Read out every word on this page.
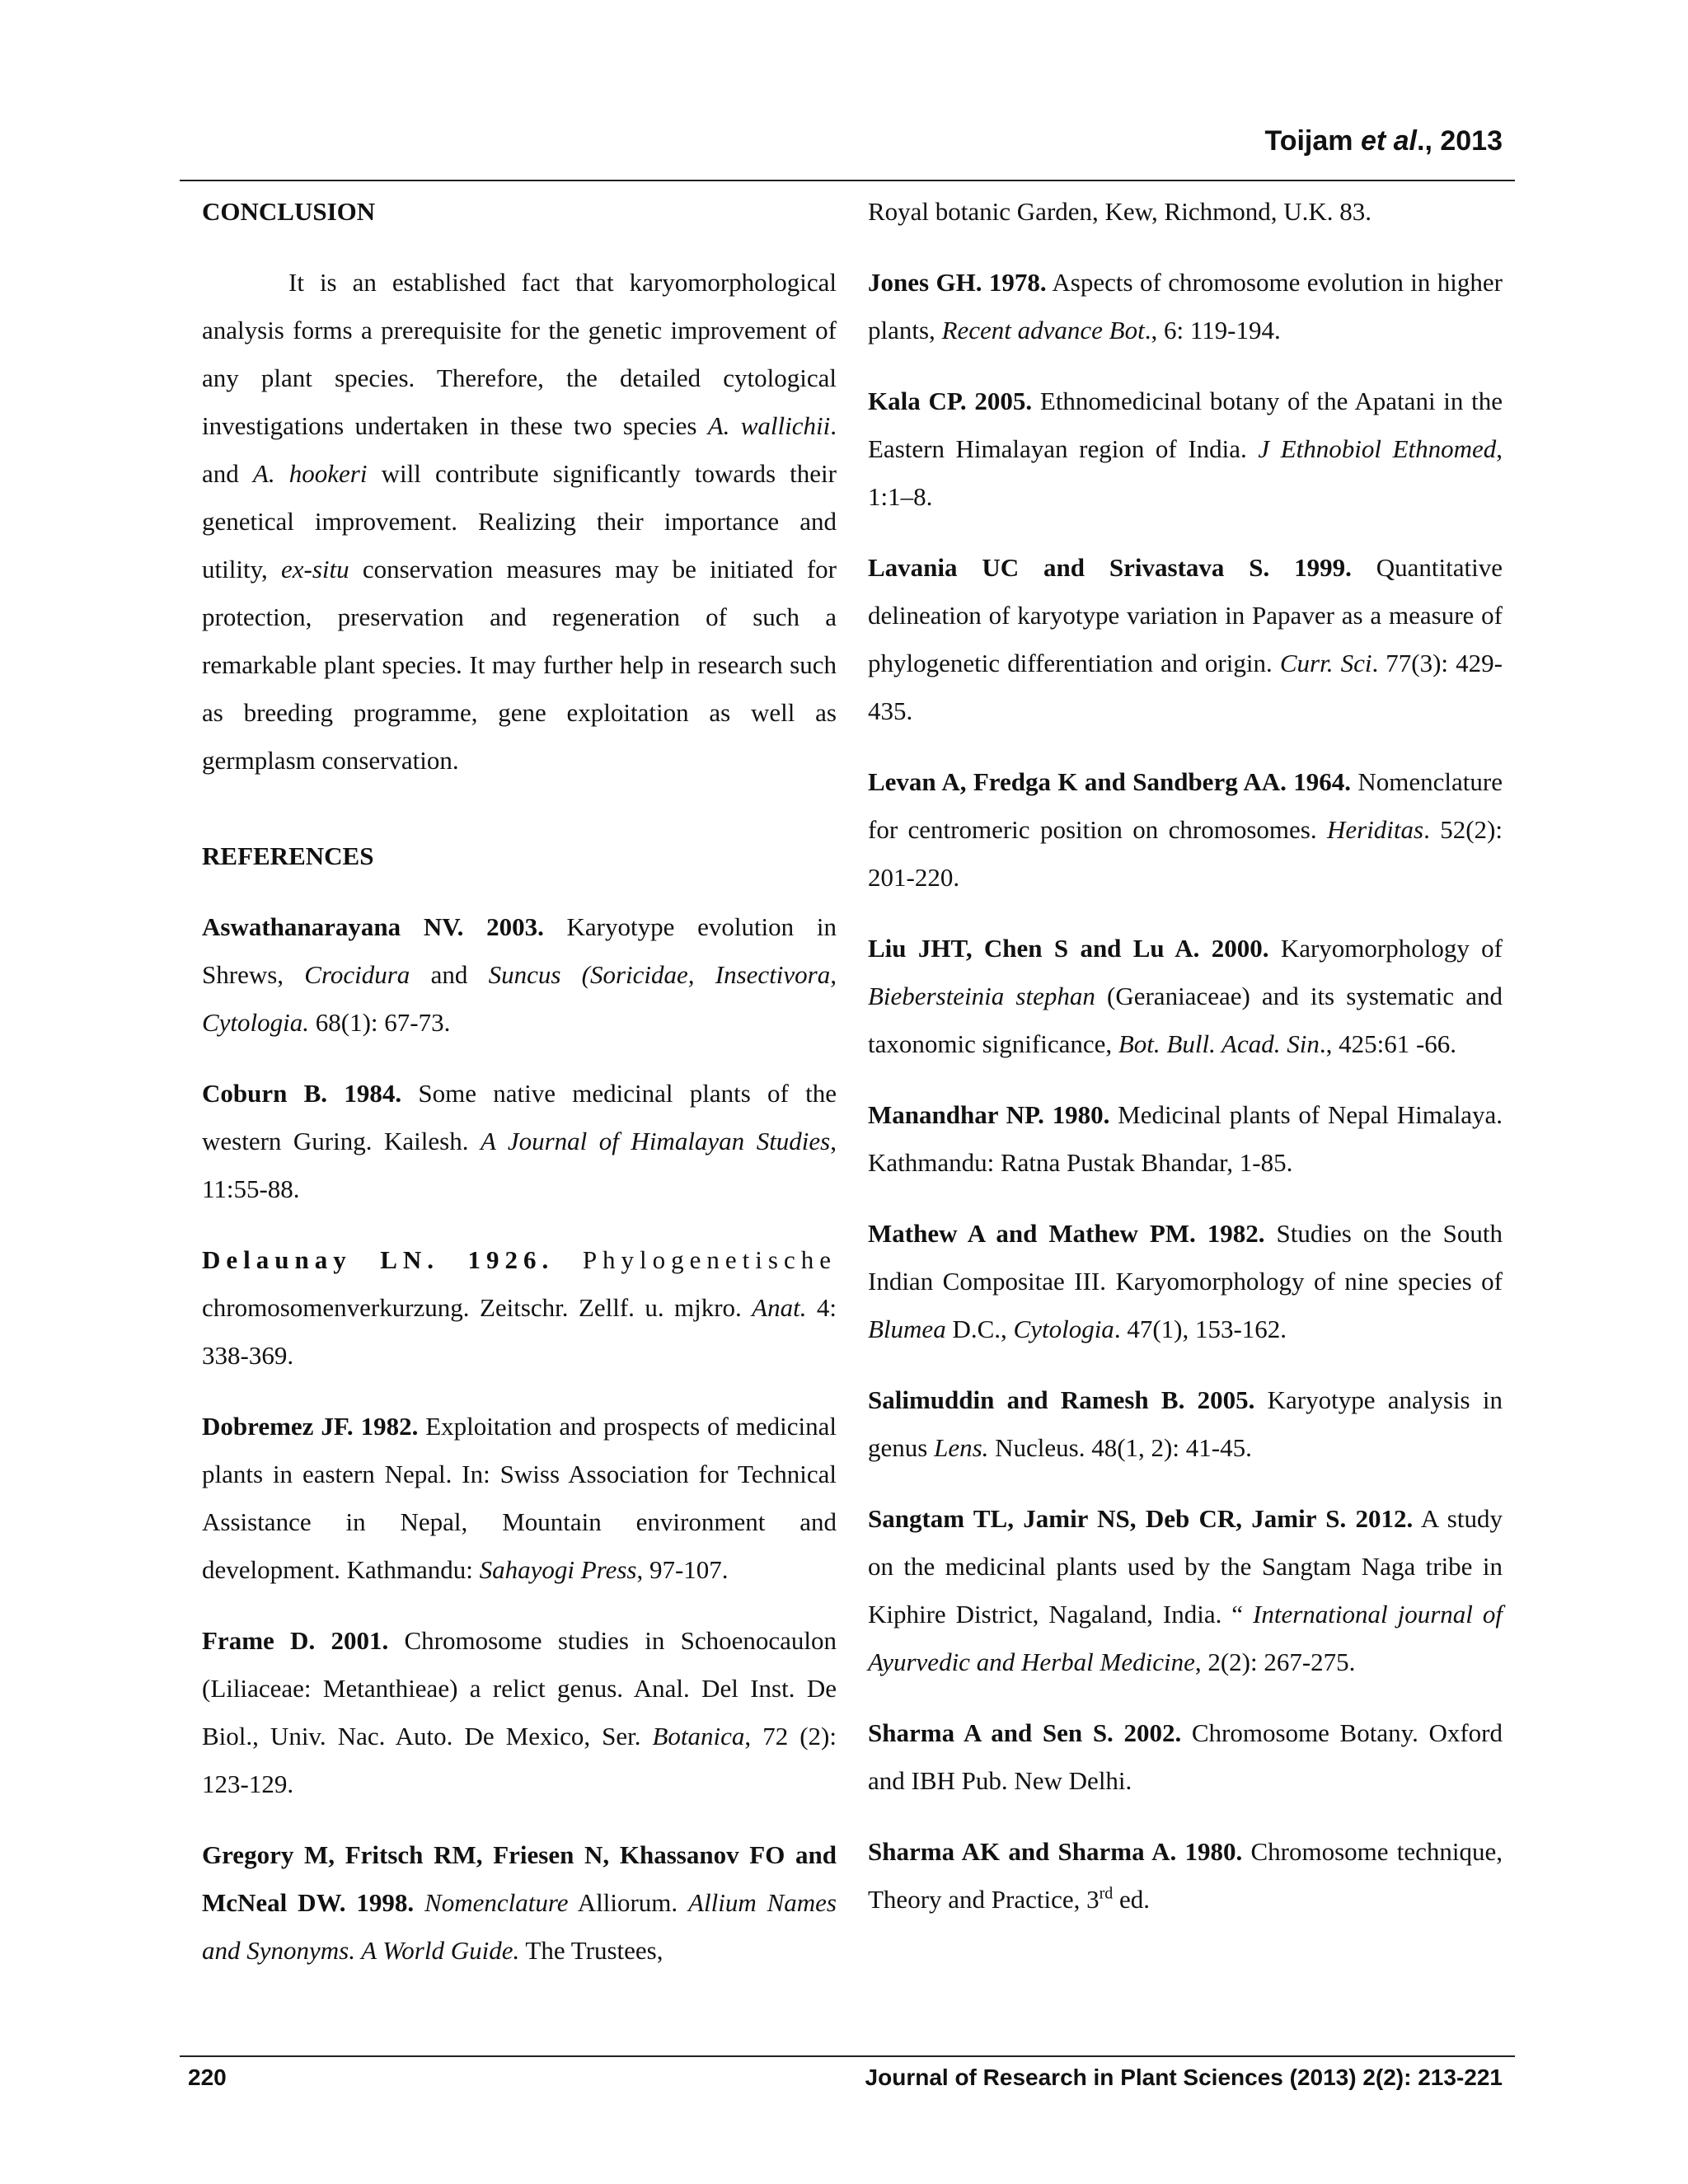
Toijam et al., 2013

CONCLUSION

It is an established fact that karyomorphological analysis forms a prerequisite for the genetic improvement of any plant species. Therefore, the detailed cytological investigations undertaken in these two species A. wallichii. and A. hookeri will contribute significantly towards their genetical improvement. Realizing their importance and utility, ex-situ conservation measures may be initiated for protection, preservation and regeneration of such a remarkable plant species. It may further help in research such as breeding programme, gene exploitation as well as germplasm conservation.

REFERENCES

Aswathanarayana NV. 2003. Karyotype evolution in Shrews, Crocidura and Suncus (Soricidae, Insectivora, Cytologia. 68(1): 67-73.

Coburn B. 1984. Some native medicinal plants of the western Guring. Kailesh. A Journal of Himalayan Studies, 11:55-88.

Delaunay LN. 1926. Phylogenetische chromosomenverkurzung. Zeitschr. Zellf. u. mjkro. Anat. 4: 338-369.

Dobremez JF. 1982. Exploitation and prospects of medicinal plants in eastern Nepal. In: Swiss Association for Technical Assistance in Nepal, Mountain environment and development. Kathmandu: Sahayogi Press, 97-107.

Frame D. 2001. Chromosome studies in Schoenocaulon (Liliaceae: Metanthieae) a relict genus. Anal. Del Inst. De Biol., Univ. Nac. Auto. De Mexico, Ser. Botanica, 72 (2): 123-129.

Gregory M, Fritsch RM, Friesen N, Khassanov FO and McNeal DW. 1998. Nomenclature Alliorum. Allium Names and Synonyms. A World Guide. The Trustees,

Royal botanic Garden, Kew, Richmond, U.K. 83.

Jones GH. 1978. Aspects of chromosome evolution in higher plants, Recent advance Bot., 6: 119-194.

Kala CP. 2005. Ethnomedicinal botany of the Apatani in the Eastern Himalayan region of India. J Ethnobiol Ethnomed, 1:1–8.

Lavania UC and Srivastava S. 1999. Quantitative delineation of karyotype variation in Papaver as a measure of phylogenetic differentiation and origin. Curr. Sci. 77(3): 429-435.

Levan A, Fredga K and Sandberg AA. 1964. Nomenclature for centromeric position on chromosomes. Heriditas. 52(2): 201-220.

Liu JHT, Chen S and Lu A. 2000. Karyomorphology of Biebersteinia stephan (Geraniaceae) and its systematic and taxonomic significance, Bot. Bull. Acad. Sin., 425:61 -66.

Manandhar NP. 1980. Medicinal plants of Nepal Himalaya. Kathmandu: Ratna Pustak Bhandar, 1-85.

Mathew A and Mathew PM. 1982. Studies on the South Indian Compositae III. Karyomorphology of nine species of Blumea D.C., Cytologia. 47(1), 153-162.

Salimuddin and Ramesh B. 2005. Karyotype analysis in genus Lens. Nucleus. 48(1, 2): 41-45.

Sangtam TL, Jamir NS, Deb CR, Jamir S. 2012. A study on the medicinal plants used by the Sangtam Naga tribe in Kiphire District, Nagaland, India. “ International journal of Ayurvedic and Herbal Medicine, 2(2): 267-275.

Sharma A and Sen S. 2002. Chromosome Botany. Oxford and IBH Pub. New Delhi.

Sharma AK and Sharma A. 1980. Chromosome technique, Theory and Practice, 3rd ed.

220	Journal of Research in Plant Sciences (2013) 2(2): 213-221
